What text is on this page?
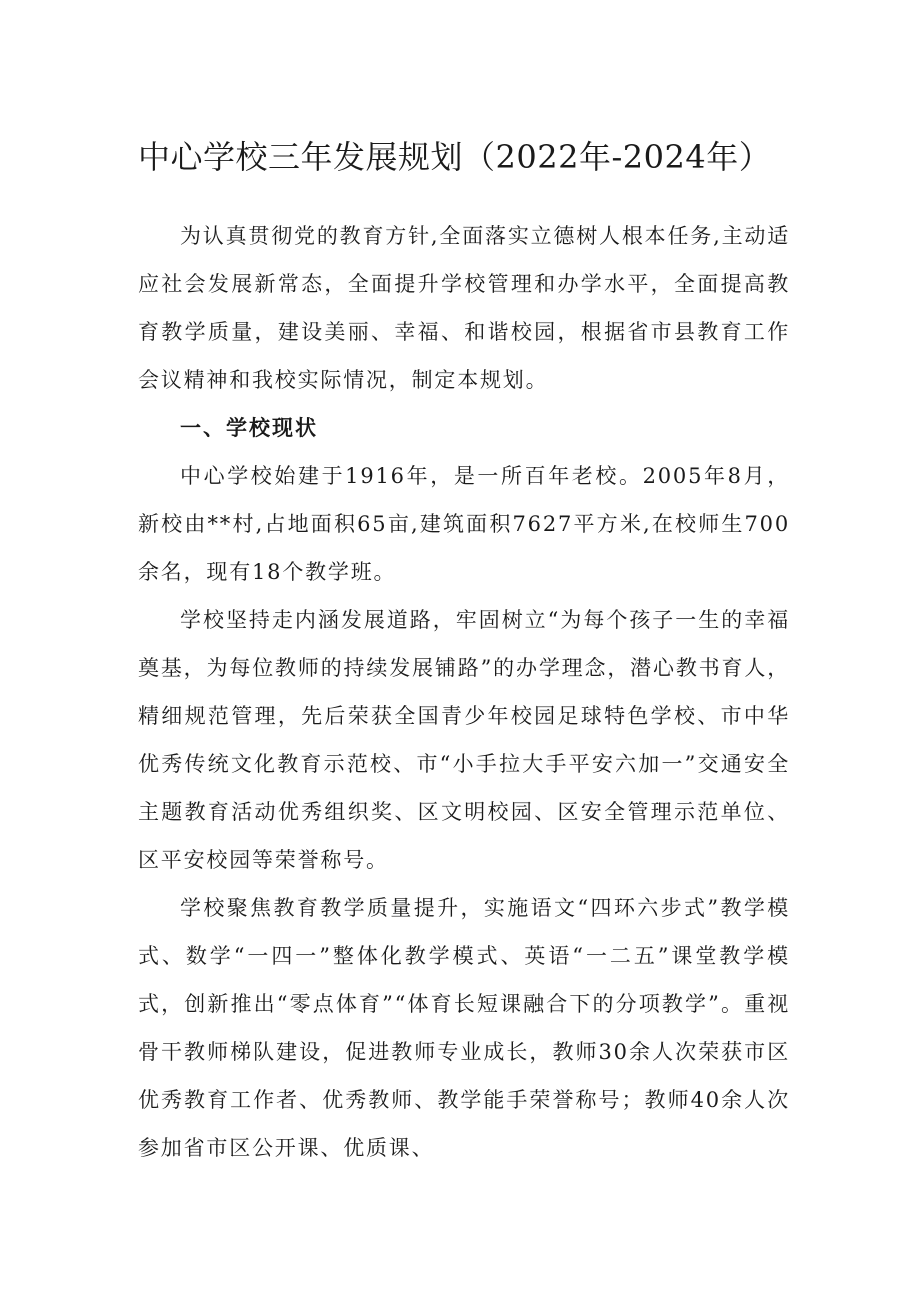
中心学校三年发展规划（2022年-2024年）

为认真贯彻党的教育方针,全面落实立德树人根本任务,主动适应社会发展新常态，全面提升学校管理和办学水平，全面提高教育教学质量，建设美丽、幸福、和谐校园，根据省市县教育工作会议精神和我校实际情况，制定本规划。

一、学校现状

中心学校始建于1916年，是一所百年老校。2005年8月，新校由**村,占地面积65亩,建筑面积7627平方米,在校师生700余名，现有18个教学班。

学校坚持走内涵发展道路，牢固树立“为每个孩子一生的幸福奠基，为每位教师的持续发展铺路”的办学理念，潜心教书育人，精细规范管理，先后荣获全国青少年校园足球特色学校、市中华优秀传统文化教育示范校、市“小手拉大手平安六加一”交通安全主题教育活动优秀组织奖、区文明校园、区安全管理示范单位、区平安校园等荣誉称号。

学校聚焦教育教学质量提升，实施语文“四环六步式”教学模式、数学“一四一”整体化教学模式、英语“一二五”课堂教学模式，创新推出“零点体育”“体育长短课融合下的分项教学”。重视骨干教师梯队建设，促进教师专业成长，教师30余人次荣获市区优秀教育工作者、优秀教师、教学能手荣誉称号；教师40余人次参加省市区公开课、优质课、
